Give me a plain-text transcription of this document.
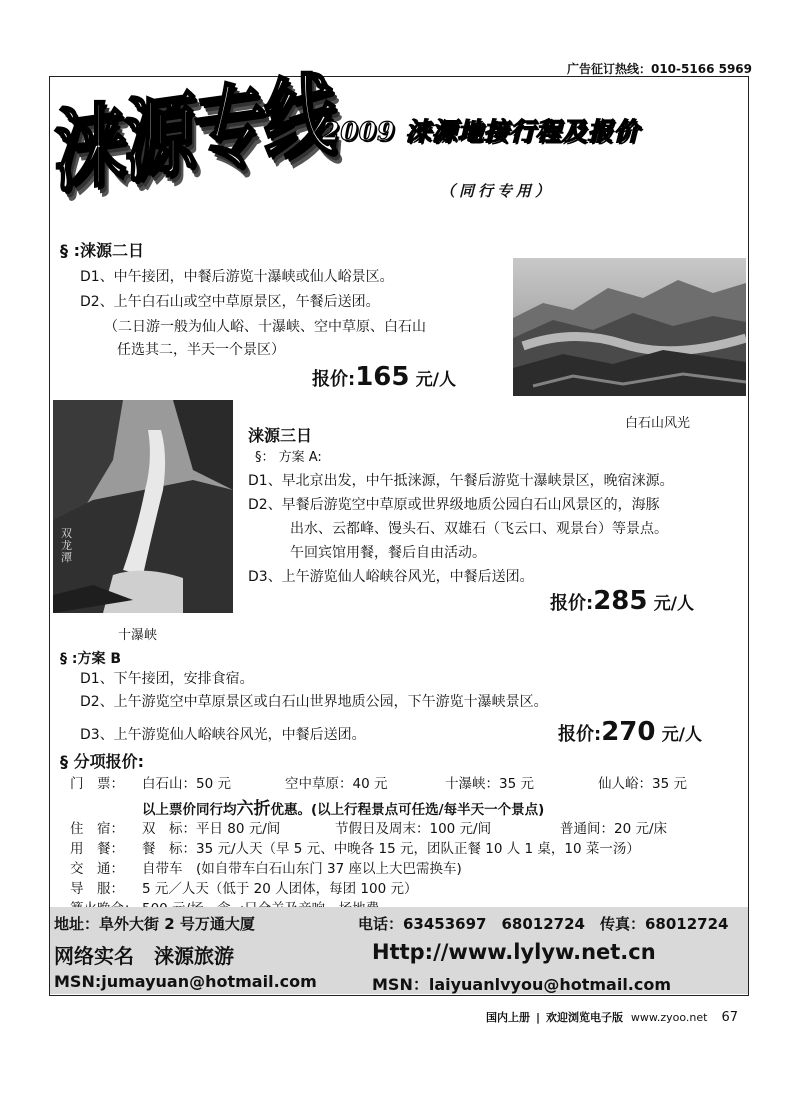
广告征订热线：010-5166 5969
涞源专线
2009 涞源地接行程及报价
（同行专用）
§ :涞源二日
D1、中午接团，中餐后游览十瀑峡或仙人峪景区。
D2、上午白石山或空中草原景区，午餐后送团。
（二日游一般为仙人峪、十瀑峡、空中草原、白石山
任选其二，半天一个景区）
报价:165 元/人
白石山风光
双龙潭
十瀑峡
涞源三日
§： 方案 A:
D1、早北京出发，中午抵涞源，午餐后游览十瀑峡景区，晚宿涞源。
D2、早餐后游览空中草原或世界级地质公园白石山风景区的，海豚
出水、云都峰、馒头石、双雄石（飞云口、观景台）等景点。
午回宾馆用餐，餐后自由活动。
D3、上午游览仙人峪峡谷风光，中餐后送团。
报价:285 元/人
§ :方案 B
D1、下午接团，安排食宿。
D2、上午游览空中草原景区或白石山世界地质公园，下午游览十瀑峡景区。
D3、上午游览仙人峪峡谷风光，中餐后送团。	报价:270 元/人
§ 分项报价:
门　票： 白石山：50 元	空中草原：40 元	十瀑峡：35 元	仙人峪：35 元
以上票价同行均六折优惠。(以上行程景点可任选/每半天一个景点)
住　宿： 双　标：平日 80 元/间	节假日及周末：100 元/间	普通间：20 元/床
用　餐： 餐　标：35 元/人天（早 5 元、中晚各 15 元，团队正餐 10 人 1 桌，10 菜一汤）
交　通： 自带车　(如自带车白石山东门 37 座以上大巴需换车)
导　服： 5 元／人天（低于 20 人团体，每团 100 元）
地址：阜外大街 2 号万通大厦	电话：63453697　68012724 传真：68012724
网络实名　涞源旅游	Http://www.lylyw.net.cn
MSN:jumayuan@hotmail.com	MSN：laiyuanlvyou@hotmail.com
国内上册 | 欢迎浏览电子版 www.zyoo.net 67
